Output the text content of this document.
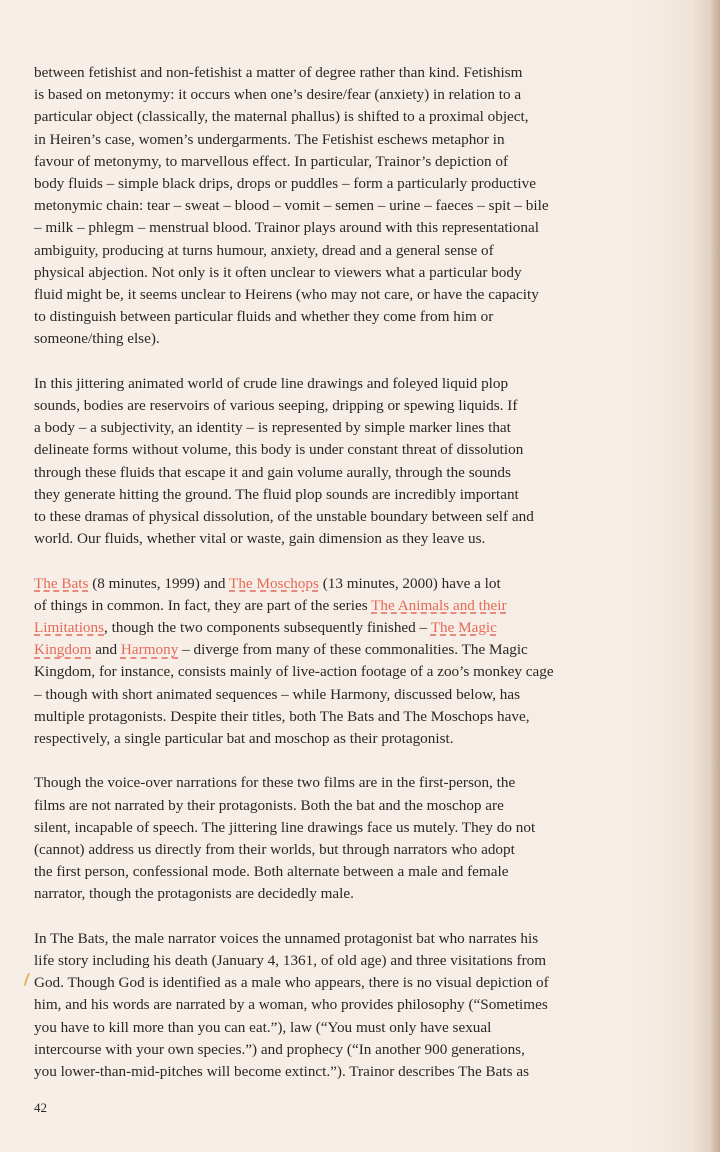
between fetishist and non-fetishist a matter of degree rather than kind. Fetishism
is based on metonymy: it occurs when one’s desire/fear (anxiety) in relation to a
particular object (classically, the maternal phallus) is shifted to a proximal object,
in Heiren’s case, women’s undergarments. The Fetishist eschews metaphor in
favour of metonymy, to marvellous effect. In particular, Trainor’s depiction of
body fluids – simple black drips, drops or puddles – form a particularly productive
metonymic chain: tear – sweat – blood – vomit – semen – urine – faeces – spit – bile
– milk – phlegm – menstrual blood. Trainor plays around with this representational
ambiguity, producing at turns humour, anxiety, dread and a general sense of
physical abjection. Not only is it often unclear to viewers what a particular body
fluid might be, it seems unclear to Heirens (who may not care, or have the capacity
to distinguish between particular fluids and whether they come from him or
someone/thing else).
In this jittering animated world of crude line drawings and foleyed liquid plop
sounds, bodies are reservoirs of various seeping, dripping or spewing liquids. If
a body – a subjectivity, an identity – is represented by simple marker lines that
delineate forms without volume, this body is under constant threat of dissolution
through these fluids that escape it and gain volume aurally, through the sounds
they generate hitting the ground. The fluid plop sounds are incredibly important
to these dramas of physical dissolution, of the unstable boundary between self and
world. Our fluids, whether vital or waste, gain dimension as they leave us.
The Bats (8 minutes, 1999) and The Moschops (13 minutes, 2000) have a lot
of things in common. In fact, they are part of the series The Animals and their
Limitations, though the two components subsequently finished – The Magic
Kingdom and Harmony – diverge from many of these commonalities. The Magic
Kingdom, for instance, consists mainly of live-action footage of a zoo’s monkey cage
– though with short animated sequences – while Harmony, discussed below, has
multiple protagonists. Despite their titles, both The Bats and The Moschops have,
respectively, a single particular bat and moschop as their protagonist.
Though the voice-over narrations for these two films are in the first-person, the
films are not narrated by their protagonists. Both the bat and the moschop are
silent, incapable of speech. The jittering line drawings face us mutely. They do not
(cannot) address us directly from their worlds, but through narrators who adopt
the first person, confessional mode. Both alternate between a male and female
narrator, though the protagonists are decidedly male.
In The Bats, the male narrator voices the unnamed protagonist bat who narrates his
life story including his death (January 4, 1361, of old age) and three visitations from
God. Though God is identified as a male who appears, there is no visual depiction of
him, and his words are narrated by a woman, who provides philosophy (“Sometimes
you have to kill more than you can eat.”), law (“You must only have sexual
intercourse with your own species.”) and prophecy (“In another 900 generations,
you lower-than-mid-pitches will become extinct.”). Trainor describes The Bats as
42
